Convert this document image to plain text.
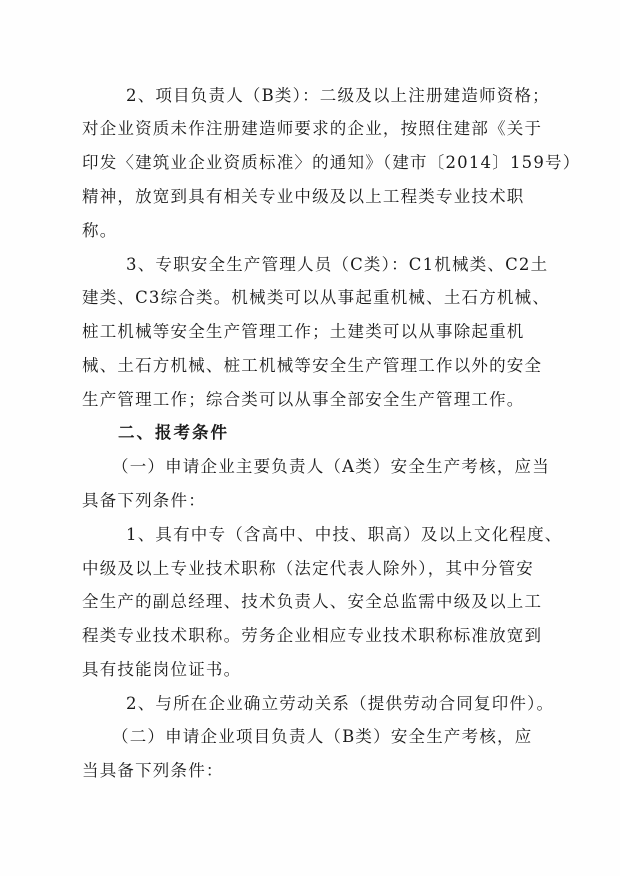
2、项目负责人（B类）：二级及以上注册建造师资格；
对企业资质未作注册建造师要求的企业，按照住建部《关于
印发〈建筑业企业资质标准〉的通知》（建市〔2014〕159号）
精神，放宽到具有相关专业中级及以上工程类专业技术职
称。
3、专职安全生产管理人员（C类）：C1机械类、C2土
建类、C3综合类。机械类可以从事起重机械、土石方机械、
桩工机械等安全生产管理工作；土建类可以从事除起重机
械、土石方机械、桩工机械等安全生产管理工作以外的安全
生产管理工作；综合类可以从事全部安全生产管理工作。
二、报考条件
（一）申请企业主要负责人（A类）安全生产考核，应当
具备下列条件：
1、具有中专（含高中、中技、职高）及以上文化程度、
中级及以上专业技术职称（法定代表人除外），其中分管安
全生产的副总经理、技术负责人、安全总监需中级及以上工
程类专业技术职称。劳务企业相应专业技术职称标准放宽到
具有技能岗位证书。
2、与所在企业确立劳动关系（提供劳动合同复印件）。
（二）申请企业项目负责人（B类）安全生产考核，应
当具备下列条件：
